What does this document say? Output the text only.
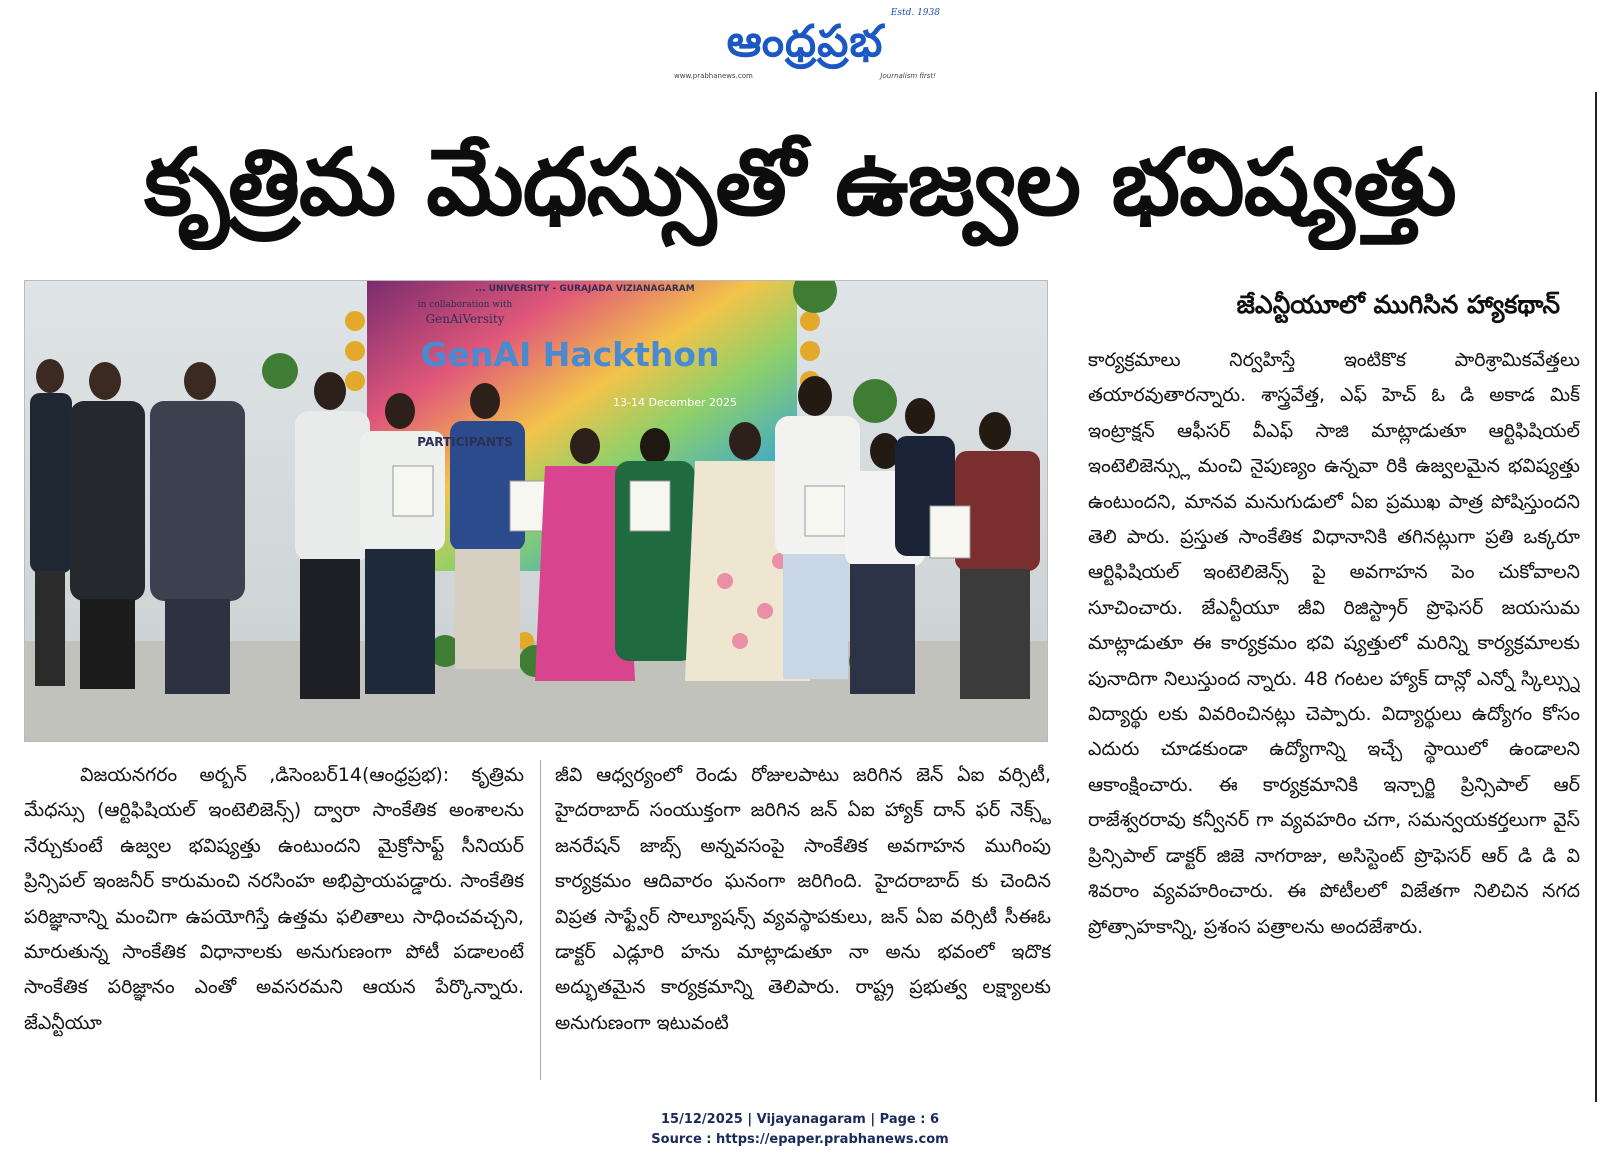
Estd. 1938
ఆంధ్రప్రభ
www.prabhanews.com	Journalism first!
కృత్రిమ మేధస్సుతో ఉజ్వల భవిష్యత్తు
... UNIVERSITY - GURAJADA VIZIANAGARAM
in collaboration with
GenAiVersity
GenAI Hackthon
13-14 December 2025
PARTICIPANTS
జేఎన్టీయూలో ముగిసిన హ్యాకథాన్

విజయనగరం అర్బన్ ,డిసెంబర్14(ఆంధ్రప్రభ): కృత్రిమ మేధస్సు (ఆర్టిఫిషియల్ ఇంటెలిజెన్స్) ద్వారా సాంకేతిక అంశాలను నేర్చుకుంటే ఉజ్వల భవిష్యత్తు ఉంటుందని మైక్రోసాఫ్ట్ సీనియర్ ప్రిన్సిపల్ ఇంజనీర్ కారుమంచి నరసింహ అభిప్రాయపడ్డారు. సాంకేతిక పరిజ్ఞానాన్ని మంచిగా ఉపయోగిస్తే ఉత్తమ ఫలితాలు సాధించవచ్చని, మారుతున్న సాంకేతిక విధానాలకు అనుగుణంగా పోటీ పడాలంటే సాంకేతిక పరిజ్ఞానం ఎంతో అవసరమని ఆయన పేర్కొన్నారు. జేఎన్టీయూ

జీవి ఆధ్వర్యంలో రెండు రోజులపాటు జరిగిన జెన్ ఏఐ వర్సిటీ, హైదరాబాద్ సంయుక్తంగా జరిగిన జన్ ఏఐ హ్యాక్ దాన్ ఫర్ నెక్స్ట్ జనరేషన్ జాబ్స్ అన్నవసంపై సాంకేతిక అవగాహన ముగింపు కార్యక్రమం ఆదివారం ఘనంగా జరిగింది. హైదరాబాద్ కు చెందిన విప్రత సాఫ్ట్వేర్ సొల్యూషన్స్ వ్యవస్థాపకులు, జన్ ఏఐ వర్సిటీ సీఈఓ డాక్టర్ ఎడ్లూరి హను మాట్లాడుతూ నా అను భవంలో ఇదొక అద్భుతమైన కార్యక్రమాన్ని తెలిపారు. రాష్ట్ర ప్రభుత్వ లక్ష్యాలకు అనుగుణంగా ఇటువంటి

కార్యక్రమాలు నిర్వహిస్తే ఇంటికొక పారిశ్రామికవేత్తలు తయారవుతారన్నారు. శాస్త్రవేత్త, ఎఫ్ హెచ్ ఓ డి అకాడ మిక్ ఇంట్రాక్షన్ ఆఫీసర్ వీఎఫ్ సాజి మాట్లాడుతూ ఆర్టిఫిషియల్ ఇంటెలిజెన్స్లు మంచి నైపుణ్యం ఉన్నవా రికి ఉజ్వలమైన భవిష్యత్తు ఉంటుందని, మానవ మనుగుడులో ఏఐ ప్రముఖ పాత్ర పోషిస్తుందని తెలి పారు. ప్రస్తుత సాంకేతిక విధానానికి తగినట్లుగా ప్రతి ఒక్కరూ ఆర్టిఫిషియల్ ఇంటెలిజెన్స్ పై అవగాహన పెం చుకోవాలని సూచించారు. జేఎన్టీయూ జీవి రిజిస్ట్రార్ ప్రొఫెసర్ జయసుమ మాట్లాడుతూ ఈ కార్యక్రమం భవి ష్యత్తులో మరిన్ని కార్యక్రమాలకు పునాదిగా నిలుస్తుంద న్నారు. 48 గంటల హ్యాక్ దాన్లో ఎన్నో స్కిల్స్ను విద్యార్థు లకు వివరించినట్లు చెప్పారు. విద్యార్థులు ఉద్యోగం కోసం ఎదురు చూడకుండా ఉద్యోగాన్ని ఇచ్చే స్థాయిలో ఉండాలని ఆకాంక్షించారు. ఈ కార్యక్రమానికి ఇన్చార్జి ప్రిన్సిపాల్ ఆర్ రాజేశ్వరరావు కన్వీనర్ గా వ్యవహరిం చగా, సమన్వయకర్తలుగా వైస్ ప్రిన్సిపాల్ డాక్టర్ జిజె నాగరాజు, అసిస్టెంట్ ప్రొఫెసర్ ఆర్ డి డి వి శివరాం వ్యవహరించారు. ఈ పోటీలలో విజేతగా నిలిచిన నగద ప్రోత్సాహకాన్ని, ప్రశంస పత్రాలను అందజేశారు.

15/12/2025 | Vijayanagaram | Page : 6
Source : https://epaper.prabhanews.com
